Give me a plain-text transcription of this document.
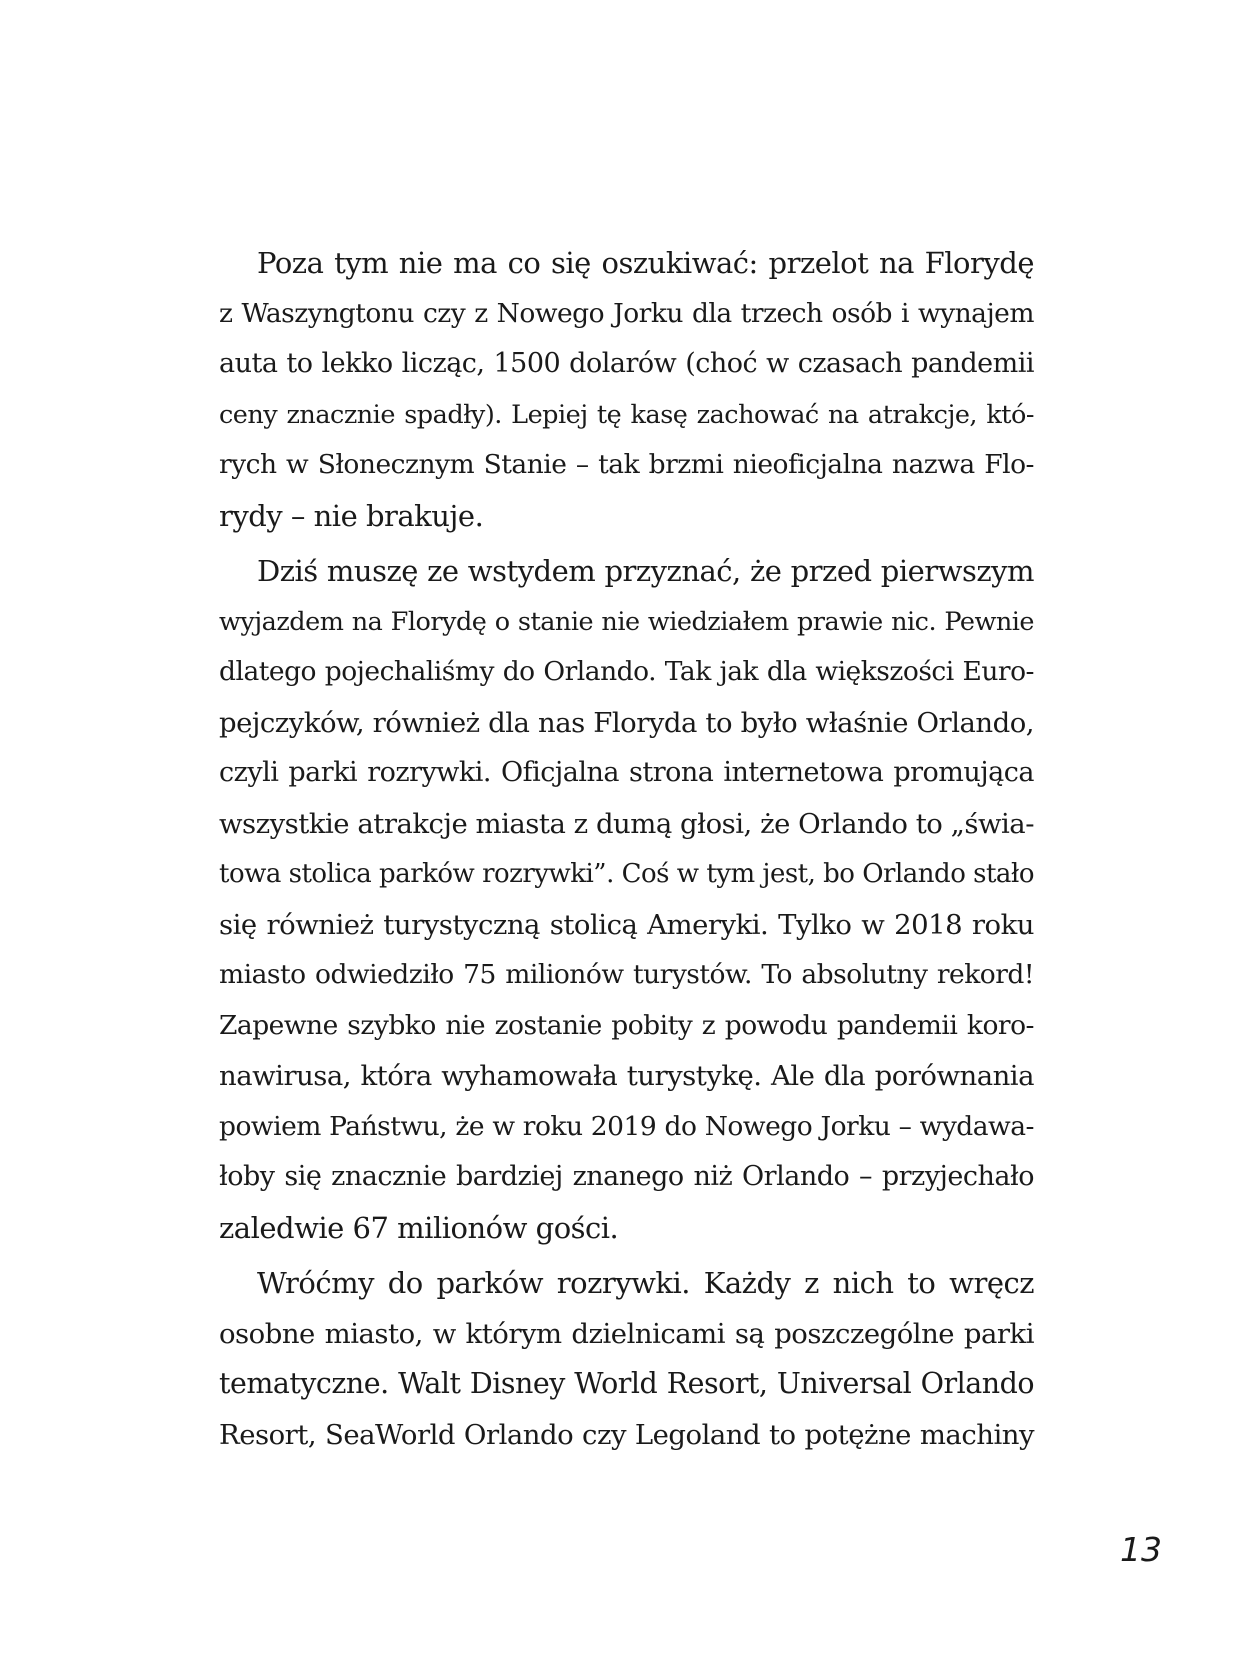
Poza tym nie ma co się oszukiwać: przelot na Florydę
z Waszyngtonu czy z Nowego Jorku dla trzech osób i wynajem
auta to lekko licząc, 1500 dolarów (choć w czasach pandemii
ceny znacznie spadły). Lepiej tę kasę zachować na atrakcje, któ-
rych w Słonecznym Stanie – tak brzmi nieoficjalna nazwa Flo-
rydy – nie brakuje.
Dziś muszę ze wstydem przyznać, że przed pierwszym
wyjazdem na Florydę o stanie nie wiedziałem prawie nic. Pewnie
dlatego pojechaliśmy do Orlando. Tak jak dla większości Euro-
pejczyków, również dla nas Floryda to było właśnie Orlando,
czyli parki rozrywki. Oficjalna strona internetowa promująca
wszystkie atrakcje miasta z dumą głosi, że Orlando to „świa-
towa stolica parków rozrywki”. Coś w tym jest, bo Orlando stało
się również turystyczną stolicą Ameryki. Tylko w 2018 roku
miasto odwiedziło 75 milionów turystów. To absolutny rekord!
Zapewne szybko nie zostanie pobity z powodu pandemii koro-
nawirusa, która wyhamowała turystykę. Ale dla porównania
powiem Państwu, że w roku 2019 do Nowego Jorku – wydawa-
łoby się znacznie bardziej znanego niż Orlando – przyjechało
zaledwie 67 milionów gości.
Wróćmy do parków rozrywki. Każdy z nich to wręcz
osobne miasto, w którym dzielnicami są poszczególne parki
tematyczne. Walt Disney World Resort, Universal Orlando
Resort, SeaWorld Orlando czy Legoland to potężne machiny
13
